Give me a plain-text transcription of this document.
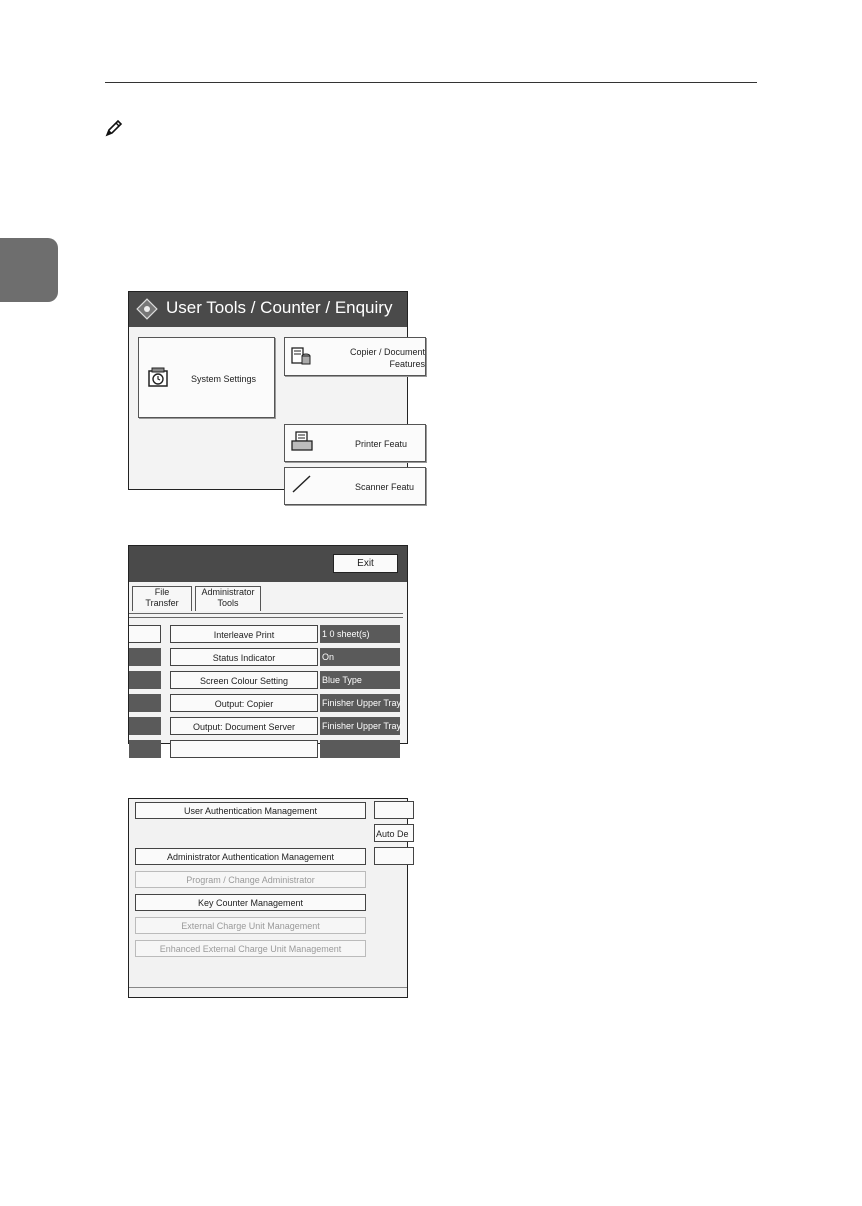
User Tools / Counter / Enquiry
System Settings
Copier / Document
Features
Printer Featu
Scanner Featu
Exit
File
Transfer
Administrator
Tools
Interleave Print	1 0 sheet(s)
Status Indicator	On
Screen Colour Setting	Blue Type
Output: Copier	Finisher Upper Tray
Output: Document Server	Finisher Upper Tray
User Authentication Management
Administrator Authentication Management
Program / Change Administrator
Key Counter Management
External Charge Unit Management
Enhanced External Charge Unit Management
Auto De
